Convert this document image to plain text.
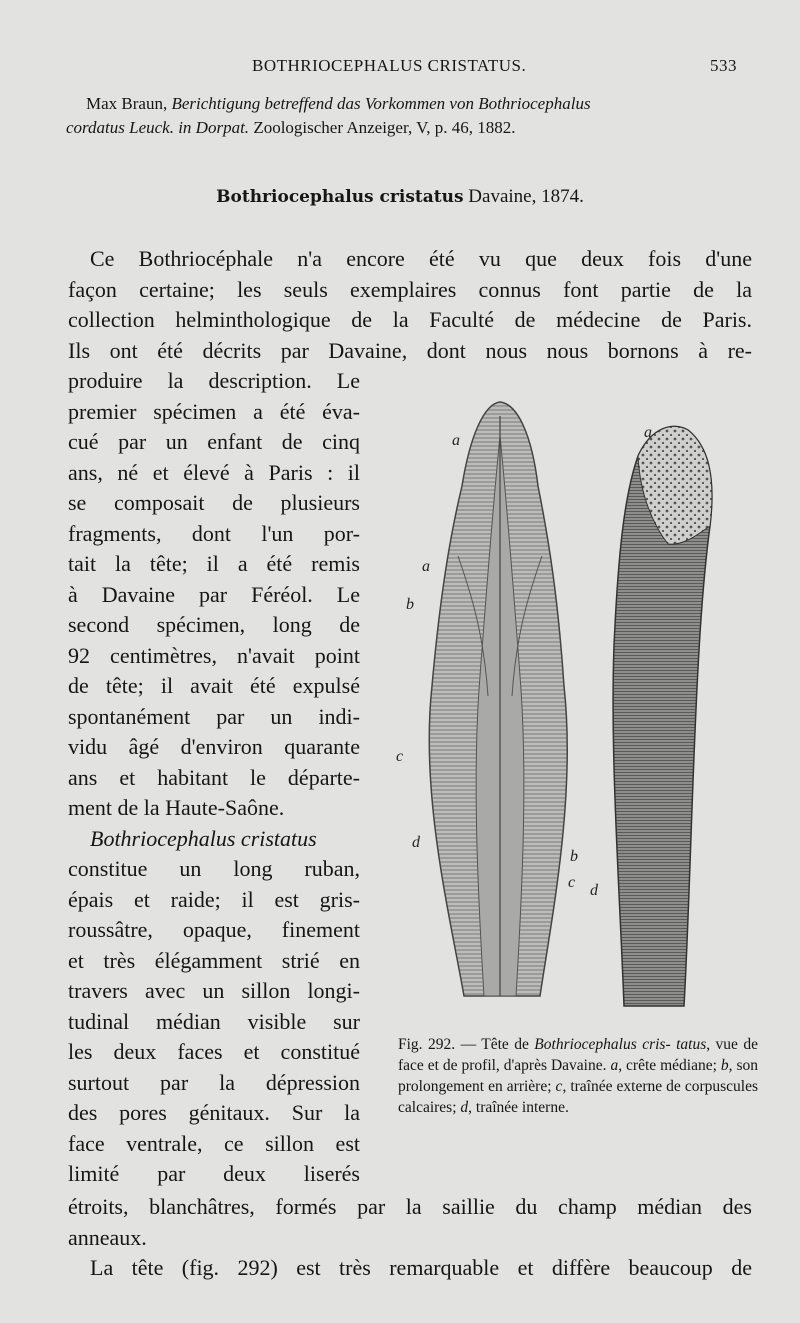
BOTHRIOCEPHALUS CRISTATUS.	533
Max Braun, Berichtigung betreffend das Vorkommen von Bothriocephalus
cordatus Leuck. in Dorpat. Zoologischer Anzeiger, V, p. 46, 1882.
Bothriocephalus cristatus Davaine, 1874.
Ce Bothriocéphale n'a encore été vu que deux fois d'une
façon certaine; les seuls exemplaires connus font partie de la
collection helminthologique de la Faculté de médecine de Paris.
Ils ont été décrits par Davaine, dont nous nous bornons à re-
produire la description. Le
premier spécimen a été éva-
cué par un enfant de cinq
ans, né et élevé à Paris : il
se composait de plusieurs
fragments, dont l'un por-
tait la tête; il a été remis
à Davaine par Féréol. Le
second spécimen, long de
92 centimètres, n'avait point
de tête; il avait été expulsé
spontanément par un indi-
vidu âgé d'environ quarante
ans et habitant le départe-
ment de la Haute-Saône.
Bothriocephalus cristatus
constitue un long ruban,
épais et raide; il est gris-
roussâtre, opaque, finement
et très élégamment strié en
travers avec un sillon longi-
tudinal médian visible sur
les deux faces et constitué
surtout par la dépression
des pores génitaux. Sur la
face ventrale, ce sillon est
limité par deux liserés
a	a
a
b
c
d
b
c d
Fig. 292. — Tête de Bothriocephalus cris- tatus, vue de face et de profil, d'après Davaine. a, crête médiane; b, son prolongement en arrière; c, traînée externe de corpuscules calcaires; d, traînée interne.
étroits, blanchâtres, formés par la saillie du champ médian des
anneaux.
La tête (fig. 292) est très remarquable et diffère beaucoup de
